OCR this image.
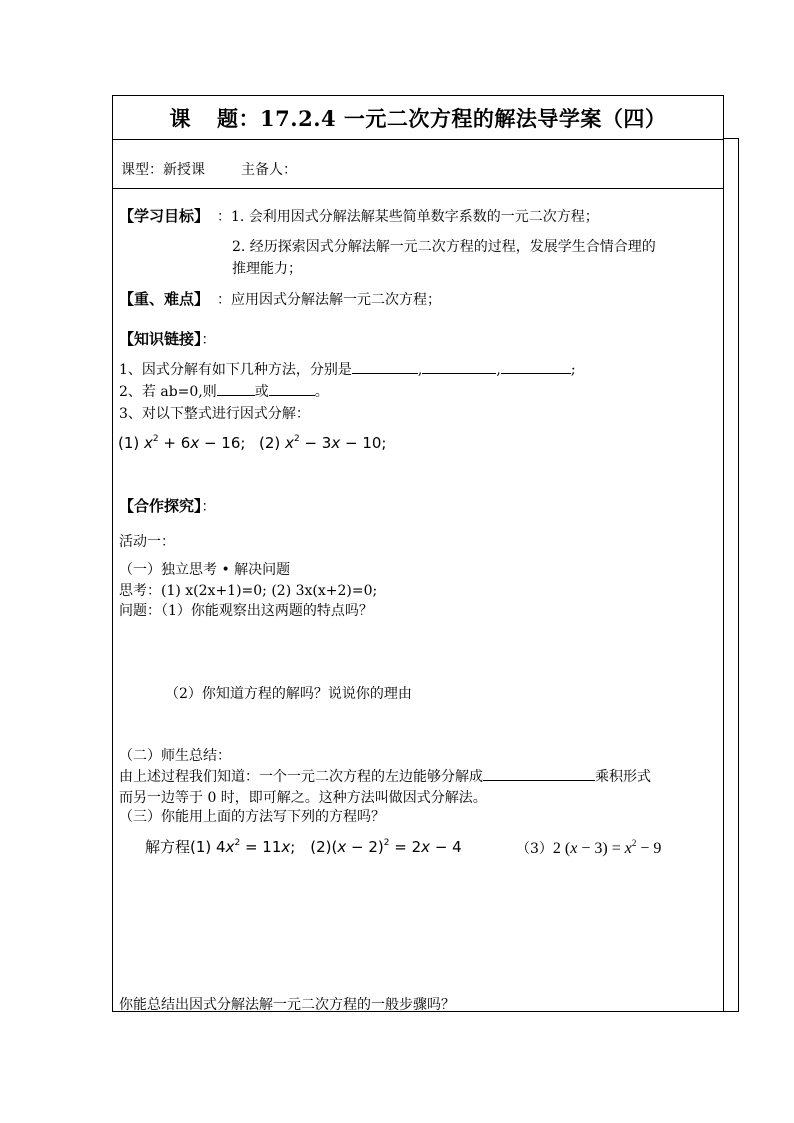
课 题：17.2.4 一元二次方程的解法导学案（四）
课型：新授课	主备人：
【学习目标】 ：1. 会利用因式分解法解某些简单数字系数的一元二次方程；
2. 经历探索因式分解法解一元二次方程的过程，发展学生合情合理的
推理能力；
【重、难点】 ：应用因式分解法解一元二次方程；
【知识链接】：
1、因式分解有如下几种方法，分别是	,	,	;
2、若 ab=0,则	或	。
3、对以下整式进行因式分解：
(1) $x^2 + 6x - 16$; (2) $x^2 - 3x - 10$;
【合作探究】：
活动一：
（一）独立思考 • 解决问题
思考：(1) x(2x+1)=0; (2) 3x(x+2)=0;
问题：（1）你能观察出这两题的特点吗？
（2）你知道方程的解吗？说说你的理由
（二）师生总结：
由上述过程我们知道：一个一元二次方程的左边能够分解成	乘积形式
而另一边等于 0 时，即可解之。这种方法叫做因式分解法。
（三）你能用上面的方法写下列的方程吗？
解方程(1) $4x^2 = 11x$; $(2)(x - 2)^2 = 2x - 4$	（3）2 $(x - 3) = x^2 - 9$
你能总结出因式分解法解一元二次方程的一般步骤吗？
